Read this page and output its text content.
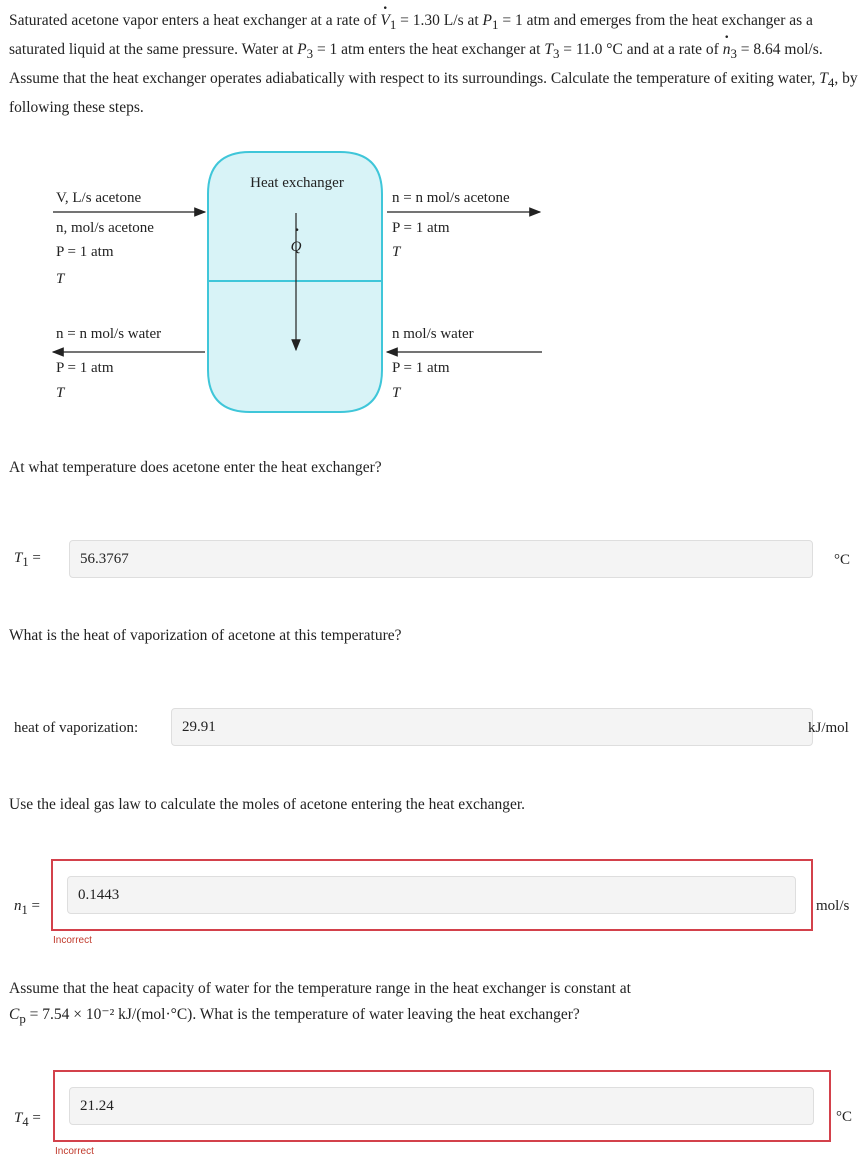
Saturated acetone vapor enters a heat exchanger at a rate of · $V_1 = 1.30$ L/s at $P_1 = 1$ atm and emerges from the heat exchanger as a saturated liquid at the same pressure. Water at $P_3 = 1$ atm enters the heat exchanger at $T_3 = 11.0$ °C and at a rate of · $n_3 = 8.64$ mol/s. Assume that the heat exchanger operates adiabatically with respect to its surroundings. Calculate the temperature of exiting water, $T_4$, by following these steps.
Heat exchanger
Q
·
V, L/s acetone
n, mol/s acetone
P = 1 atm
T
n = n mol/s water
P = 1 atm
T
n = n mol/s acetone
P = 1 atm
T
n mol/s water
P = 1 atm
T
At what temperature does acetone enter the heat exchanger?
$T_1$ =	56.3767	°C
What is the heat of vaporization of acetone at this temperature?
heat of vaporization:	29.91	kJ/mol
Use the ideal gas law to calculate the moles of acetone entering the heat exchanger.
$n_1$ =
0.1443
mol/s
Incorrect
Assume that the heat capacity of water for the temperature range in the heat exchanger is constant at
$C_p = 7.54 \times 10^{-2}$ kJ/(mol·°C). What is the temperature of water leaving the heat exchanger?
$T_4$ =
21.24
°C
Incorrect
